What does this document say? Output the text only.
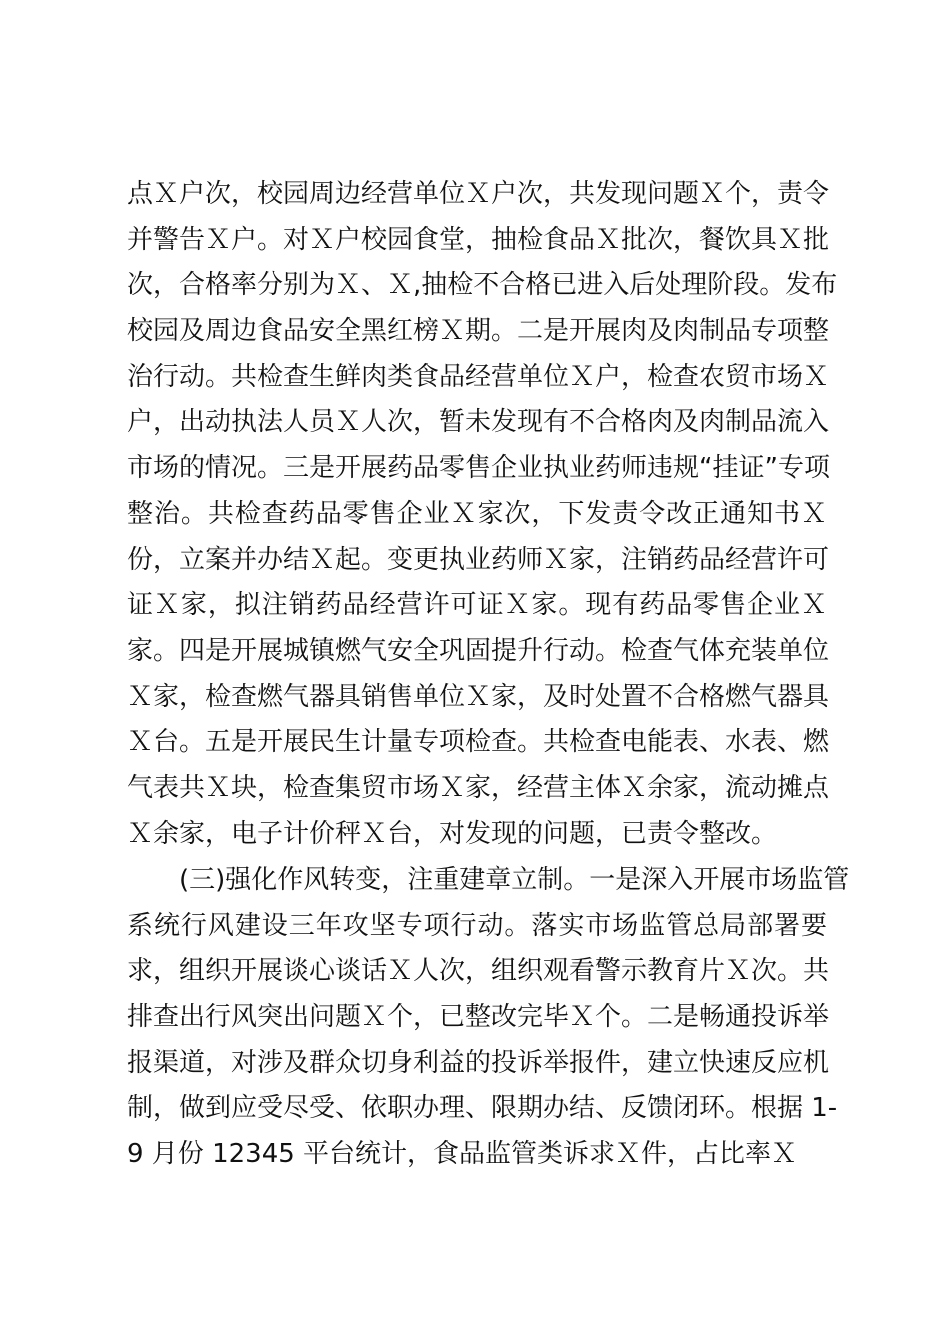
点Ｘ户次，校园周边经营单位Ｘ户次，共发现问题Ｘ个，责令
并警告Ｘ户。对Ｘ户校园食堂，抽检食品Ｘ批次，餐饮具Ｘ批
次，合格率分别为Ｘ、Ｘ,抽检不合格已进入后处理阶段。发布
校园及周边食品安全黑红榜Ｘ期。二是开展肉及肉制品专项整
治行动。共检查生鲜肉类食品经营单位Ｘ户，检查农贸市场Ｘ
户，出动执法人员Ｘ人次，暂未发现有不合格肉及肉制品流入
市场的情况。三是开展药品零售企业执业药师违规“挂证”专项
整治。共检查药品零售企业Ｘ家次，下发责令改正通知书Ｘ
份，立案并办结Ｘ起。变更执业药师Ｘ家，注销药品经营许可
证Ｘ家，拟注销药品经营许可证Ｘ家。现有药品零售企业Ｘ
家。四是开展城镇燃气安全巩固提升行动。检查气体充装单位
Ｘ家，检查燃气器具销售单位Ｘ家，及时处置不合格燃气器具
Ｘ台。五是开展民生计量专项检查。共检查电能表、水表、燃
气表共Ｘ块，检查集贸市场Ｘ家，经营主体Ｘ余家，流动摊点
Ｘ余家，电子计价秤Ｘ台，对发现的问题，已责令整改。
(三)强化作风转变，注重建章立制。一是深入开展市场监管
系统行风建设三年攻坚专项行动。落实市场监管总局部署要
求，组织开展谈心谈话Ｘ人次，组织观看警示教育片Ｘ次。共
排查出行风突出问题Ｘ个，已整改完毕Ｘ个。二是畅通投诉举
报渠道，对涉及群众切身利益的投诉举报件，建立快速反应机
制，做到应受尽受、依职办理、限期办结、反馈闭环。根据 1-
9 月份 12345 平台统计，食品监管类诉求Ｘ件，占比率Ｘ
